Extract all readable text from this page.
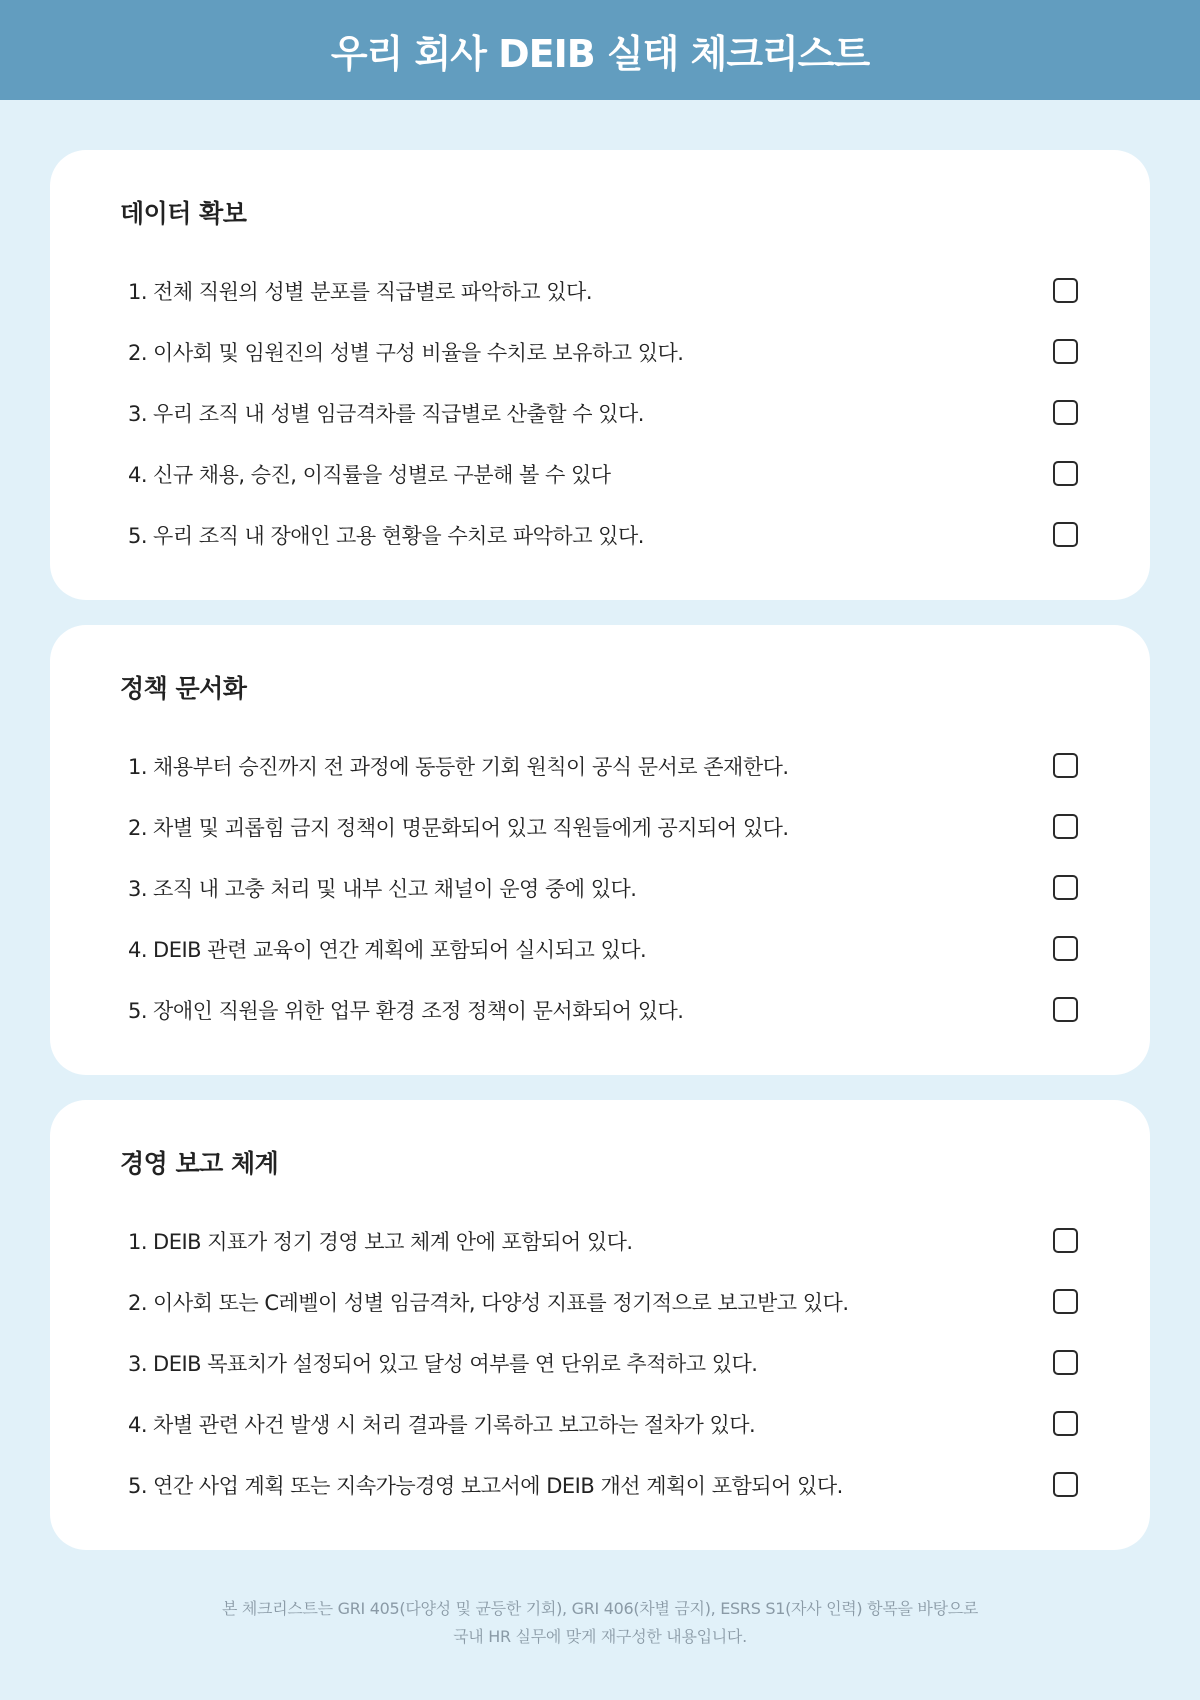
우리 회사 DEIB 실태 체크리스트
데이터 확보
1. 전체 직원의 성별 분포를 직급별로 파악하고 있다.
2. 이사회 및 임원진의 성별 구성 비율을 수치로 보유하고 있다.
3. 우리 조직 내 성별 임금격차를 직급별로 산출할 수 있다.
4. 신규 채용, 승진, 이직률을 성별로 구분해 볼 수 있다
5. 우리 조직 내 장애인 고용 현황을 수치로 파악하고 있다.
정책 문서화
1. 채용부터 승진까지 전 과정에 동등한 기회 원칙이 공식 문서로 존재한다.
2. 차별 및 괴롭힘 금지 정책이 명문화되어 있고 직원들에게 공지되어 있다.
3. 조직 내 고충 처리 및 내부 신고 채널이 운영 중에 있다.
4. DEIB 관련 교육이 연간 계획에 포함되어 실시되고 있다.
5. 장애인 직원을 위한 업무 환경 조정 정책이 문서화되어 있다.
경영 보고 체계
1. DEIB 지표가 정기 경영 보고 체계 안에 포함되어 있다.
2. 이사회 또는 C레벨이 성별 임금격차, 다양성 지표를 정기적으로 보고받고 있다.
3. DEIB 목표치가 설정되어 있고 달성 여부를 연 단위로 추적하고 있다.
4. 차별 관련 사건 발생 시 처리 결과를 기록하고 보고하는 절차가 있다.
5. 연간 사업 계획 또는 지속가능경영 보고서에 DEIB 개선 계획이 포함되어 있다.
본 체크리스트는 GRI 405(다양성 및 균등한 기회), GRI 406(차별 금지), ESRS S1(자사 인력) 항목을 바탕으로
국내 HR 실무에 맞게 재구성한 내용입니다.
